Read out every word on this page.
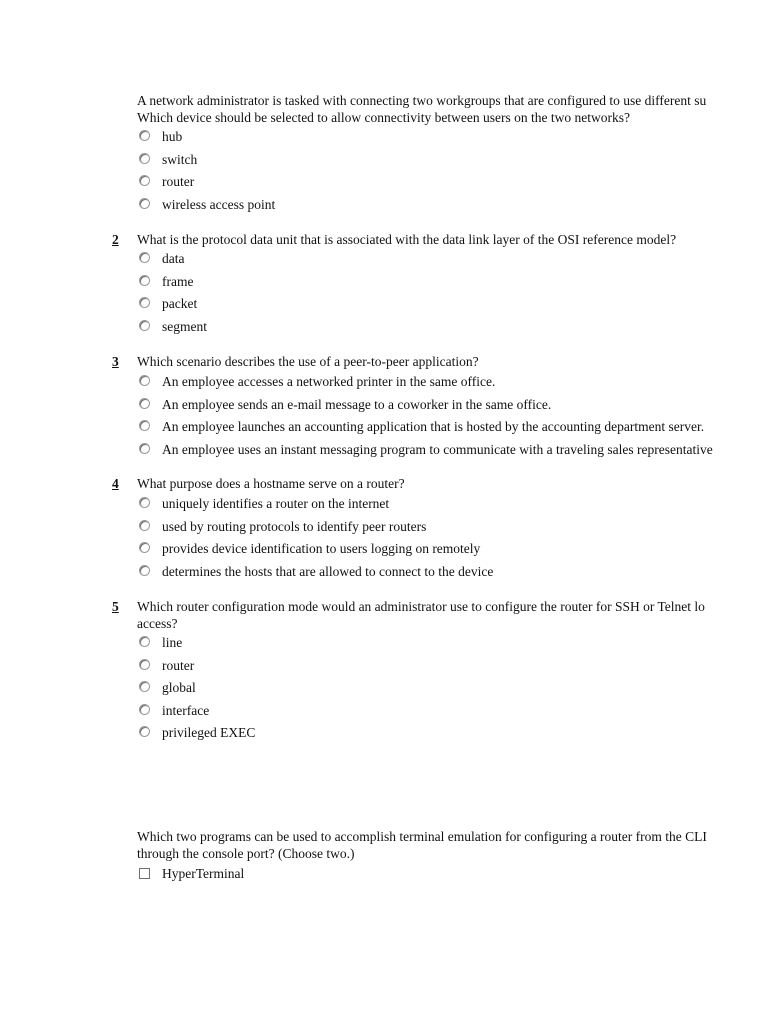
A network administrator is tasked with connecting two workgroups that are configured to use different su
Which device should be selected to allow connectivity between users on the two networks?
hub
switch
router
wireless access point
2	What is the protocol data unit that is associated with the data link layer of the OSI reference model?
data
frame
packet
segment
3	Which scenario describes the use of a peer-to-peer application?
An employee accesses a networked printer in the same office.
An employee sends an e-mail message to a coworker in the same office.
An employee launches an accounting application that is hosted by the accounting department server.
An employee uses an instant messaging program to communicate with a traveling sales representative
4	What purpose does a hostname serve on a router?
uniquely identifies a router on the internet
used by routing protocols to identify peer routers
provides device identification to users logging on remotely
determines the hosts that are allowed to connect to the device
5	Which router configuration mode would an administrator use to configure the router for SSH or Telnet lo
access?
line
router
global
interface
privileged EXEC
Which two programs can be used to accomplish terminal emulation for configuring a router from the CLI
through the console port? (Choose two.)
HyperTerminal
